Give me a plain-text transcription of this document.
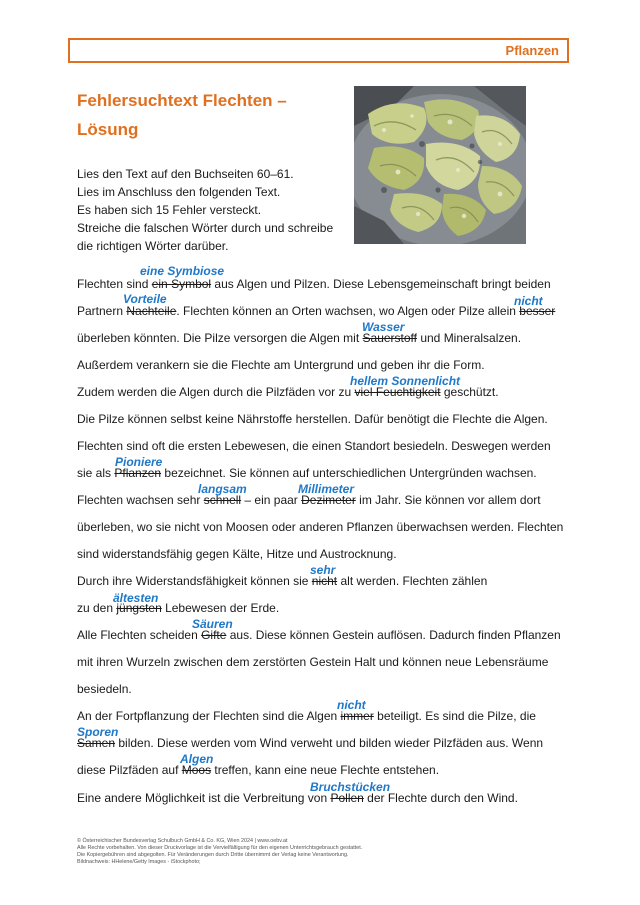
Pflanzen
Fehlersuchtext Flechten – Lösung
Lies den Text auf den Buchseiten 60–61.
Lies im Anschluss den folgenden Text.
Es haben sich 15 Fehler versteckt.
Streiche die falschen Wörter durch und schreibe
die richtigen Wörter darüber.
eine Symbiose
Flechten sind ein Symbol aus Algen und Pilzen. Diese Lebensgemeinschaft bringt beiden
Vorteile	nicht
Partnern Nachteile. Flechten können an Orten wachsen, wo Algen oder Pilze allein besser
Wasser
überleben könnten. Die Pilze versorgen die Algen mit Sauerstoff und Mineralsalzen.
Außerdem verankern sie die Flechte am Untergrund und geben ihr die Form.
hellem Sonnenlicht
Zudem werden die Algen durch die Pilzfäden vor zu viel Feuchtigkeit geschützt.
Die Pilze können selbst keine Nährstoffe herstellen. Dafür benötigt die Flechte die Algen.
Flechten sind oft die ersten Lebewesen, die einen Standort besiedeln. Deswegen werden
Pioniere
sie als Pflanzen bezeichnet. Sie können auf unterschiedlichen Untergründen wachsen.
langsam	Millimeter
Flechten wachsen sehr schnell – ein paar Dezimeter im Jahr. Sie können vor allem dort
überleben, wo sie nicht von Moosen oder anderen Pflanzen überwachsen werden. Flechten
sind widerstandsfähig gegen Kälte, Hitze und Austrocknung.
sehr
Durch ihre Widerstandsfähigkeit können sie nicht alt werden. Flechten zählen
ältesten
zu den jüngsten Lebewesen der Erde.
Säuren
Alle Flechten scheiden Gifte aus. Diese können Gestein auflösen. Dadurch finden Pflanzen
mit ihren Wurzeln zwischen dem zerstörten Gestein Halt und können neue Lebensräume
besiedeln.
nicht
An der Fortpflanzung der Flechten sind die Algen immer beteiligt. Es sind die Pilze, die
Sporen
Samen bilden. Diese werden vom Wind verweht und bilden wieder Pilzfäden aus. Wenn
Algen
diese Pilzfäden auf Moos treffen, kann eine neue Flechte entstehen.
Bruchstücken
Eine andere Möglichkeit ist die Verbreitung von Pollen der Flechte durch den Wind.
© Österreichischer Bundesverlag Schulbuch GmbH & Co. KG, Wien 2024 | www.oebv.at
Alle Rechte vorbehalten. Von dieser Druckvorlage ist die Vervielfältigung für den eigenen Unterrichtsgebrauch gestattet.
Die Kopiergebühren sind abgegolten. Für Veränderungen durch Dritte übernimmt der Verlag keine Verantwortung.
Bildnachweis: HHelene/Getty Images - iStockphoto;
